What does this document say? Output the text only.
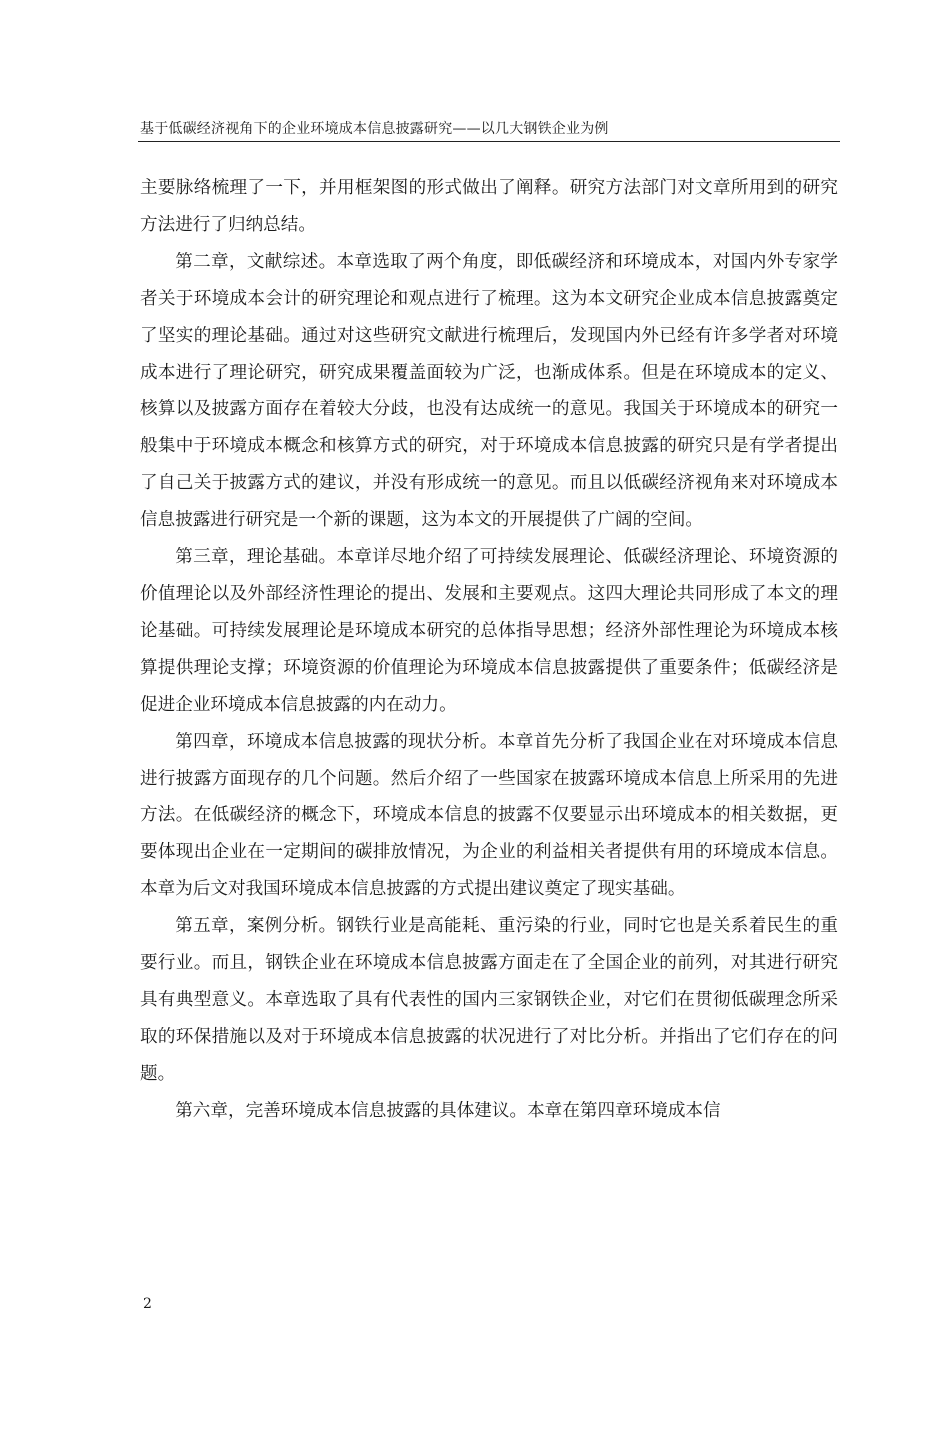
基于低碳经济视角下的企业环境成本信息披露研究——以几大钢铁企业为例

主要脉络梳理了一下，并用框架图的形式做出了阐释。研究方法部门对文章所用到的研究方法进行了归纳总结。

第二章，文献综述。本章选取了两个角度，即低碳经济和环境成本，对国内外专家学者关于环境成本会计的研究理论和观点进行了梳理。这为本文研究企业成本信息披露奠定了坚实的理论基础。通过对这些研究文献进行梳理后，发现国内外已经有许多学者对环境成本进行了理论研究，研究成果覆盖面较为广泛，也渐成体系。但是在环境成本的定义、核算以及披露方面存在着较大分歧，也没有达成统一的意见。我国关于环境成本的研究一般集中于环境成本概念和核算方式的研究，对于环境成本信息披露的研究只是有学者提出了自己关于披露方式的建议，并没有形成统一的意见。而且以低碳经济视角来对环境成本信息披露进行研究是一个新的课题，这为本文的开展提供了广阔的空间。

第三章，理论基础。本章详尽地介绍了可持续发展理论、低碳经济理论、环境资源的价值理论以及外部经济性理论的提出、发展和主要观点。这四大理论共同形成了本文的理论基础。可持续发展理论是环境成本研究的总体指导思想；经济外部性理论为环境成本核算提供理论支撑；环境资源的价值理论为环境成本信息披露提供了重要条件；低碳经济是促进企业环境成本信息披露的内在动力。

第四章，环境成本信息披露的现状分析。本章首先分析了我国企业在对环境成本信息进行披露方面现存的几个问题。然后介绍了一些国家在披露环境成本信息上所采用的先进方法。在低碳经济的概念下，环境成本信息的披露不仅要显示出环境成本的相关数据，更要体现出企业在一定期间的碳排放情况，为企业的利益相关者提供有用的环境成本信息。本章为后文对我国环境成本信息披露的方式提出建议奠定了现实基础。

第五章，案例分析。钢铁行业是高能耗、重污染的行业，同时它也是关系着民生的重要行业。而且，钢铁企业在环境成本信息披露方面走在了全国企业的前列，对其进行研究具有典型意义。本章选取了具有代表性的国内三家钢铁企业，对它们在贯彻低碳理念所采取的环保措施以及对于环境成本信息披露的状况进行了对比分析。并指出了它们存在的问题。

第六章，完善环境成本信息披露的具体建议。本章在第四章环境成本信

2
